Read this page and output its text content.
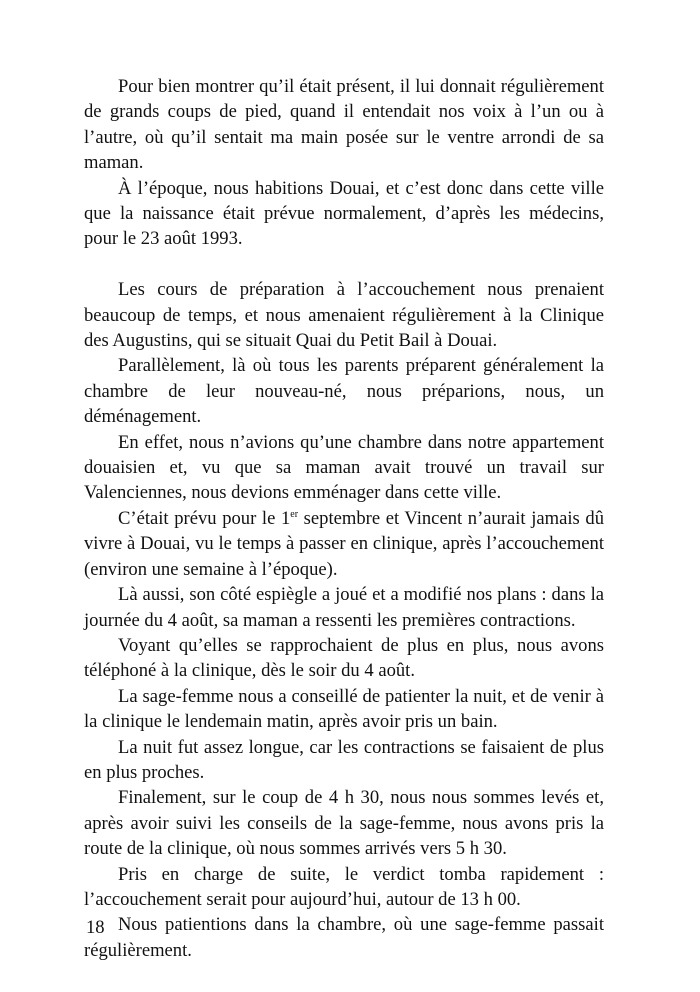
Pour bien montrer qu’il était présent, il lui donnait régulièrement de grands coups de pied, quand il entendait nos voix à l’un ou à l’autre, où qu’il sentait ma main posée sur le ventre arrondi de sa maman.

À l’époque, nous habitions Douai, et c’est donc dans cette ville que la naissance était prévue normalement, d’après les médecins, pour le 23 août 1993.

Les cours de préparation à l’accouchement nous prenaient beaucoup de temps, et nous amenaient régulièrement à la Clinique des Augustins, qui se situait Quai du Petit Bail à Douai.

Parallèlement, là où tous les parents préparent généralement la chambre de leur nouveau-né, nous préparions, nous, un déménagement.

En effet, nous n’avions qu’une chambre dans notre appartement douaisien et, vu que sa maman avait trouvé un travail sur Valenciennes, nous devions emménager dans cette ville.

C’était prévu pour le 1er septembre et Vincent n’aurait jamais dû vivre à Douai, vu le temps à passer en clinique, après l’accouchement (environ une semaine à l’époque).

Là aussi, son côté espiègle a joué et a modifié nos plans : dans la journée du 4 août, sa maman a ressenti les premières contractions.

Voyant qu’elles se rapprochaient de plus en plus, nous avons téléphoné à la clinique, dès le soir du 4 août.

La sage-femme nous a conseillé de patienter la nuit, et de venir à la clinique le lendemain matin, après avoir pris un bain.

La nuit fut assez longue, car les contractions se faisaient de plus en plus proches.

Finalement, sur le coup de 4 h 30, nous nous sommes levés et, après avoir suivi les conseils de la sage-femme, nous avons pris la route de la clinique, où nous sommes arrivés vers 5 h 30.

Pris en charge de suite, le verdict tomba rapidement : l’accouchement serait pour aujourd’hui, autour de 13 h 00.

Nous patientions dans la chambre, où une sage-femme passait régulièrement.

18
